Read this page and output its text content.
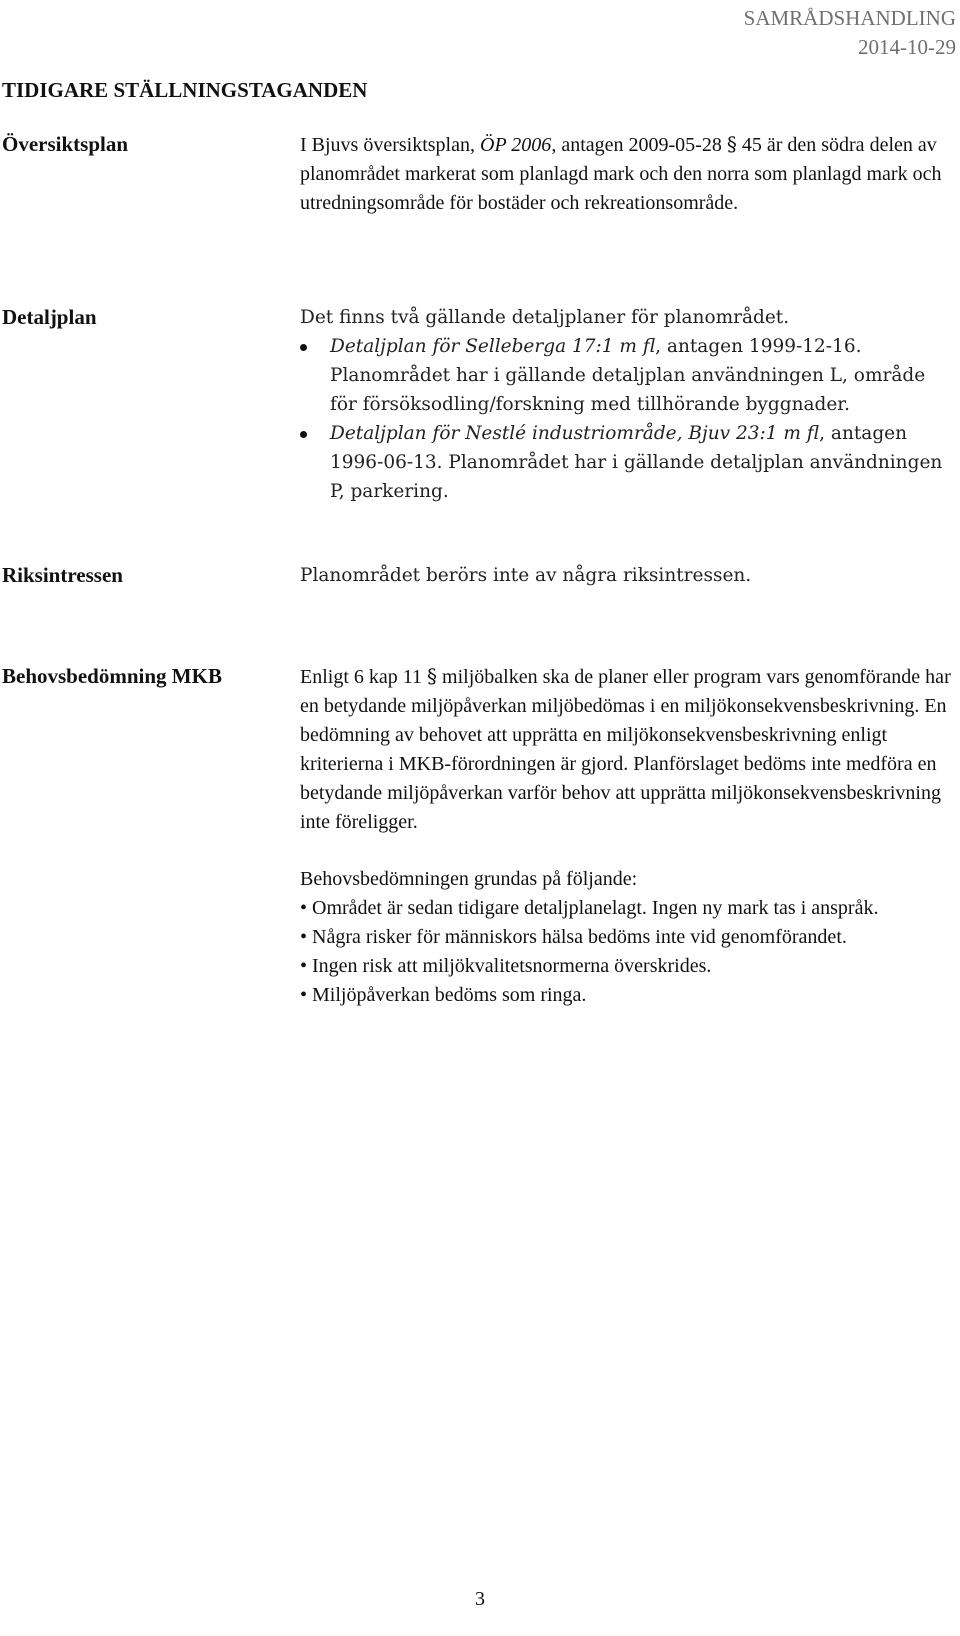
SAMRÅDSHANDLING
2014-10-29
TIDIGARE STÄLLNINGSTAGANDEN
Översiktsplan	I Bjuvs översiktsplan, ÖP 2006, antagen 2009-05-28 § 45 är den södra delen av planområdet markerat som planlagd mark och den norra som planlagd mark och utredningsområde för bostäder och rekreationsområde.

Detaljplan	Det finns två gällande detaljplaner för planområdet.

Detaljplan för Selleberga 17:1 m fl, antagen 1999-12-16. Planområdet har i gällande detaljplan användningen L, område för försöksodling/forskning med tillhörande byggnader.
Detaljplan för Nestlé industriområde, Bjuv 23:1 m fl, antagen 1996-06-13. Planområdet har i gällande detaljplan användningen P, parkering.
Riksintressen	Planområdet berörs inte av några riksintressen.

Behovsbedömning MKB	Enligt 6 kap 11 § miljöbalken ska de planer eller program vars genomförande har en betydande miljöpåverkan miljöbedömas i en miljökonsekvensbeskrivning. En bedömning av behovet att upprätta en miljökonsekvensbeskrivning enligt kriterierna i MKB-förordningen är gjord. Planförslaget bedöms inte medföra en betydande miljöpåverkan varför behov att upprätta miljökonsekvensbeskrivning inte föreligger.

Behovsbedömningen grundas på följande:

• Området är sedan tidigare detaljplanelagt. Ingen ny mark tas i anspråk.
• Några risker för människors hälsa bedöms inte vid genomförandet.
• Ingen risk att miljökvalitetsnormerna överskrides.
• Miljöpåverkan bedöms som ringa.
3
